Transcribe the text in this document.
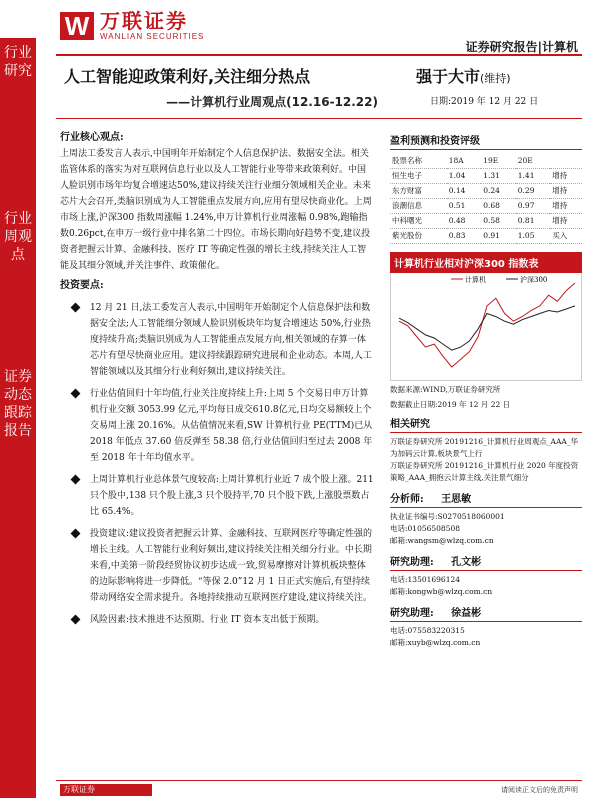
行业研究
行业周观点
证券动态跟踪报告
W 万联证券
WANLIAN SECURITIES
证券研究报告|计算机
人工智能迎政策利好,关注细分热点
——计算机行业周观点(12.16-12.22)
强于大市(维持)
日期:2019 年 12 月 22 日
行业核心观点:
上周法工委发言人表示,中国明年开始制定个人信息保护法、数据安全法。相关监管体系的落实为对互联网信息行业以及人工智能行业等带来政策利好。中国人脸识别市场年均复合增速达50%,建议持续关注行业细分领域相关企业。未来芯片大会召开,类脑识别成为人工智能重点发展方向,应用有望尽快商业化。上周市场上涨,沪深300 指数周涨幅 1.24%,申万计算机行业周涨幅 0.98%,跑输指数0.26pct,在申万一级行业中排名第二十四位。市场长期向好趋势不变,建议投资者把握云计算、金融科技、医疗 IT 等确定性强的增长主线,持续关注人工智能及其细分领域,并关注事件、政策催化。
投资要点:
12 月 21 日,法工委发言人表示,中国明年开始制定个人信息保护法和数据安全法;人工智能细分领域人脸识别板块年均复合增速达 50%,行业热度持续升高;类脑识别成为人工智能重点发展方向,相关领域的存算一体芯片有望尽快商业应用。建议持续跟踪研究进展和企业动态。本周,人工智能领域以及其细分行业利好频出,建议持续关注。
行业估值回归十年均值,行业关注度持续上升:上周 5 个交易日申万计算机行业交额 3053.99 亿元,平均每日成交610.8亿元,日均交易额较上个交易周上涨 20.16%。从估值情况来看,SW 计算机行业 PE(TTM)已从 2018 年低点 37.60 倍反弹至 58.38 倍,行业估值回归至过去 2008 年至 2018 年十年均值水平。
上周计算机行业总体景气度较高:上周计算机行业近 7 成个股上涨。211 只个股中,138 只个股上涨,3 只个股持平,70 只个股下跌,上涨股票数占比 65.4%。
投资建议:建议投资者把握云计算、金融科技、互联网医疗等确定性强的增长主线。人工智能行业利好频出,建议持续关注相关细分行业。中长期来看,中美第一阶段经贸协议初步达成一致,贸易摩擦对计算机板块整体的边际影响将进一步降低。“等保 2.0”12 月 1 日正式实施后,有望持续带动网络安全需求提升。各地持续推动互联网医疗建设,建议持续关注。
风险因素:技术推进不达预期、行业 IT 资本支出低于预期。
盈利预测和投资评级
股票名称	18A	19E	20E	
恒生电子	1.04	1.31	1.41	增持
东方财富	0.14	0.24	0.29	增持
浪潮信息	0.51	0.68	0.97	增持
中科曙光	0.48	0.58	0.81	增持
紫光股份	0.83	0.91	1.05	买入
计算机行业相对沪深300 指数表
计算机	沪深300
数据来源:WIND,万联证券研究所
数据截止日期:2019 年 12 月 22 日
相关研究
万联证券研究所 20191216_计算机行业周观点_AAA_华为加码云计算,板块景气上行
万联证券研究所 20191216_计算机行业 2020 年度投资策略_AAA_拥抱云计算主线,关注景气细分
分析师: 王思敏
执业证书编号:S0270518060001
电话:01056508508
邮箱:wangsm@wlzq.com.cn
研究助理: 孔文彬
电话:13501696124
邮箱:kongwb@wlzq.com.cn
研究助理: 徐益彬
电话:075583220315
邮箱:xuyb@wlzq.com.cn
万联证券	请阅读正文后的免责声明
